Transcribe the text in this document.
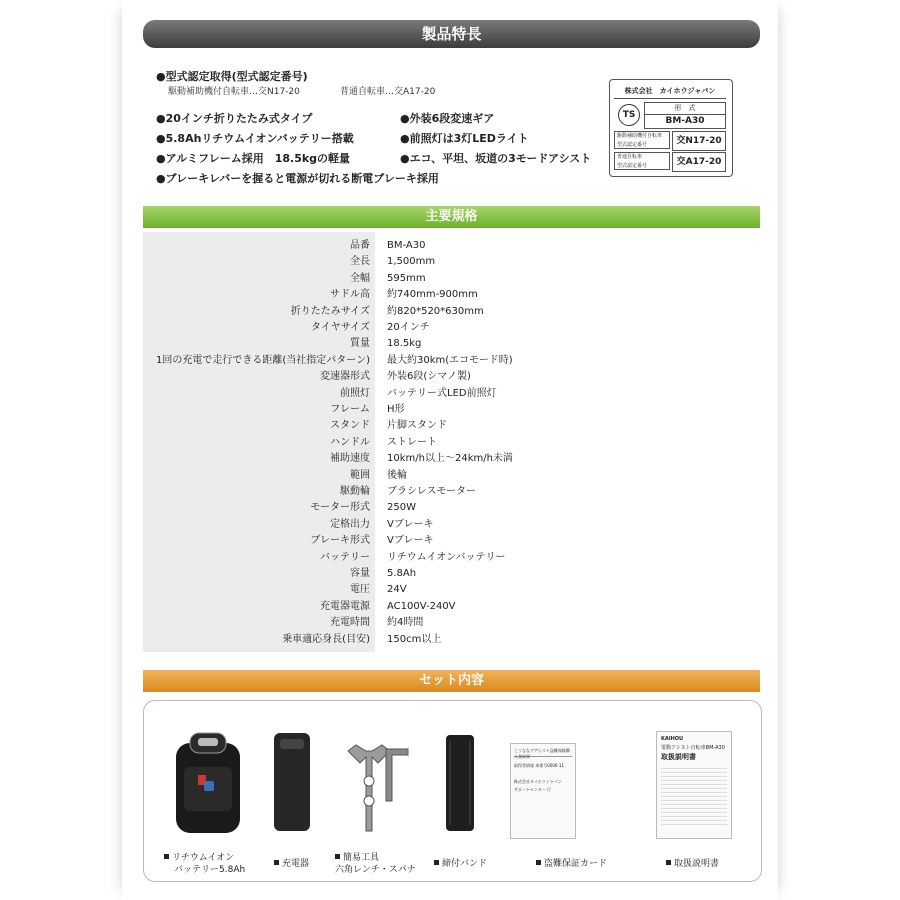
製品特長
●型式認定取得(型式認定番号)
駆動補助機付自転車…交N17-20	普通自転車…交A17-20
●20インチ折りたたみ式タイプ	●外装6段変速ギア
●5.8Ahリチウムイオンバッテリー搭載	●前照灯は3灯LEDライト
●アルミフレーム採用　18.5kgの軽量	●エコ、平坦、坂道の3モードアシスト
●ブレーキレバーを握ると電源が切れる断電ブレーキ採用
株式会社　カイホウジャパン
TS
形　式
BM-A30
駆動補助機付自転車
型式認定番号	交N17-20
普通自転車
型式認定番号	交A17-20
主要規格
品番 BM-A30
全長 1,500mm
全幅 595mm
サドル高 約740mm-900mm
折りたたみサイズ 約820*520*630mm
タイヤサイズ 20インチ
質量 18.5kg
1回の充電で走行できる距離(当社指定パターン) 最大約30km(エコモード時)
変速器形式 外装6段(シマノ製)
前照灯 バッテリー式LED前照灯
フレーム H形
スタンド 片脚スタンド
ハンドル ストレート
補助速度 10km/h以上～24km/h未満
範囲 後輪
駆動輪 ブラシレスモーター
モーター形式 250W
定格出力 Vブレーキ
ブレーキ形式 Vブレーキ
バッテリー リチウムイオンバッテリー
容量 5.8Ah
電圧 24V
充電器電源 AC100V-240V
充電時間 約4時間
乗車適応身長(目安) 150cm以上
セット内容
こうななデアシスト盗難保険購入登録票
取得者情報 車番号0000-11
株式会社カイホウジャパン
サポートセンター 行
KAIHOU
電動アシスト自転車BM-A30
取扱説明書
リチウムイオン
バッテリー5.8Ah
充電器
簡易工具
六角レンチ・スパナ
締付バンド	盗難保証カード	取扱説明書
